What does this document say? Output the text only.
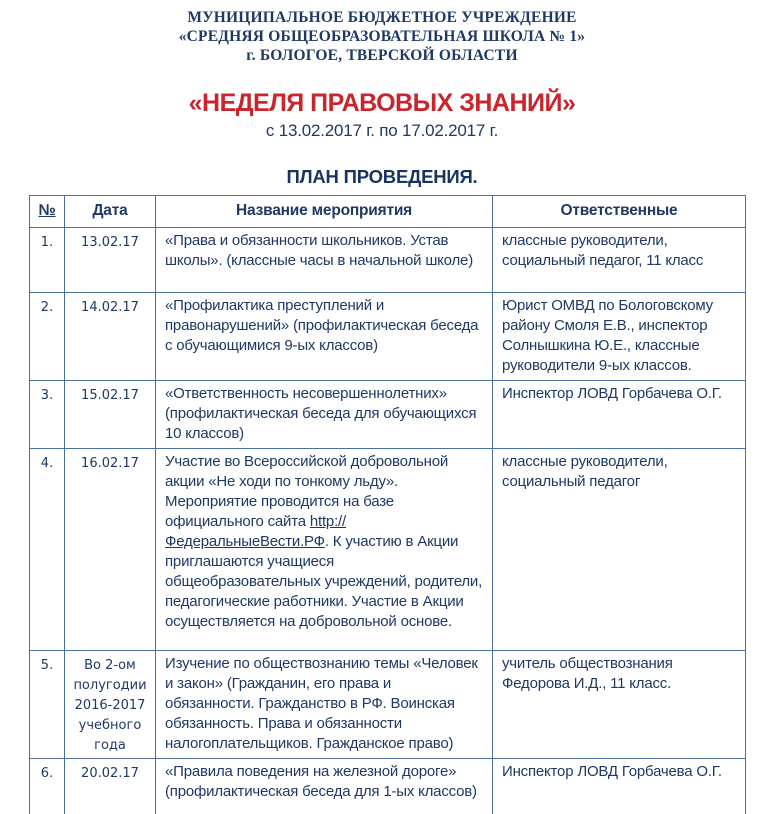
МУНИЦИПАЛЬНОЕ БЮДЖЕТНОЕ УЧРЕЖДЕНИЕ
«СРЕДНЯЯ ОБЩЕОБРАЗОВАТЕЛЬНАЯ ШКОЛА № 1»
г. БОЛОГОЕ, ТВЕРСКОЙ ОБЛАСТИ
«НЕДЕЛЯ ПРАВОВЫХ ЗНАНИЙ»
с 13.02.2017 г. по 17.02.2017 г.
ПЛАН ПРОВЕДЕНИЯ.
№	Дата	Название мероприятия	Ответственные
1.	13.02.17	«Права и обязанности школьников. Устав школы». (классные часы в начальной школе)	классные руководители, социальный педагог, 11 класс
2.	14.02.17	«Профилактика преступлений и правонарушений» (профилактическая беседа с обучающимися 9-ых классов)	Юрист ОМВД по Бологовскому району Смоля Е.В., инспектор Солнышкина Ю.Е., классные руководители 9-ых классов.
3.	15.02.17	«Ответственность несовершеннолетних» (профилактическая беседа для обучающихся 10 классов)	Инспектор ЛОВД Горбачева О.Г.
4.	16.02.17	Участие во Всероссийской добровольной акции «Не ходи по тонкому льду». Мероприятие проводится на базе официального сайта http://ФедеральныеВести.РФ. К участию в Акции приглашаются учащиеся общеобразовательных учреждений, родители, педагогические работники. Участие в Акции осуществляется на добровольной основе.	классные руководители, социальный педагог
5.	Во 2-ом полугодии 2016-2017 учебного года	Изучение по обществознанию темы «Человек и закон» (Гражданин, его права и обязанности. Гражданство в РФ. Воинская обязанность. Права и обязанности налогоплательщиков. Гражданское право)	учитель обществознания Федорова И.Д., 11 класс.
6.	20.02.17	«Правила поведения на железной дороге» (профилактическая беседа для 1-ых классов)	Инспектор ЛОВД Горбачева О.Г.
